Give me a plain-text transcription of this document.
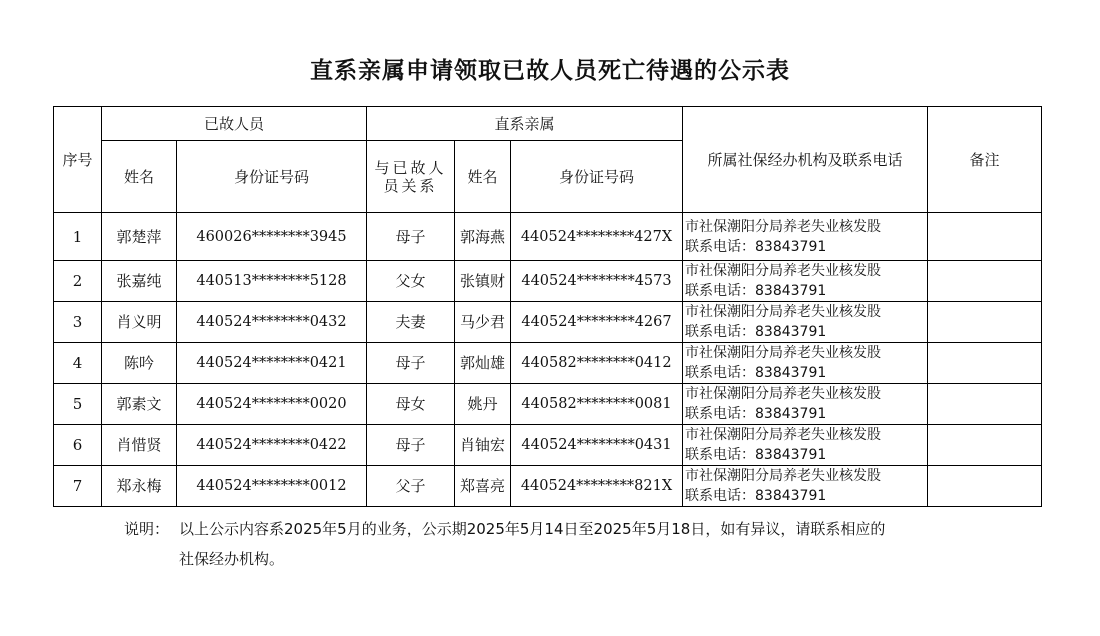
直系亲属申请领取已故人员死亡待遇的公示表
序号	已故人员		直系亲属			所属社保经办机构及联系电话	备注
	姓名	身份证号码	与已故人员关系	姓名	身份证号码		
1	郭楚萍	460026********3945	母子	郭海燕	440524********427X	市社保潮阳分局养老失业核发股
联系电话：83843791	

2	张嘉纯	440513********5128	父女	张镇财	440524********4573	市社保潮阳分局养老失业核发股
联系电话：83843791	

3	肖义明	440524********0432	夫妻	马少君	440524********4267	市社保潮阳分局养老失业核发股
联系电话：83843791	

4	陈吟	440524********0421	母子	郭灿雄	440582********0412	市社保潮阳分局养老失业核发股
联系电话：83843791	

5	郭素文	440524********0020	母女	姚丹	440582********0081	市社保潮阳分局养老失业核发股
联系电话：83843791	

6	肖惜贤	440524********0422	母子	肖铀宏	440524********0431	市社保潮阳分局养老失业核发股
联系电话：83843791	

7	郑永梅	440524********0012	父子	郑喜亮	440524********821X	市社保潮阳分局养老失业核发股
联系电话：83843791	

说明： 以上公示内容系2025年5月的业务，公示期2025年5月14日至2025年5月18日，如有异议，请联系相应的
社保经办机构。
